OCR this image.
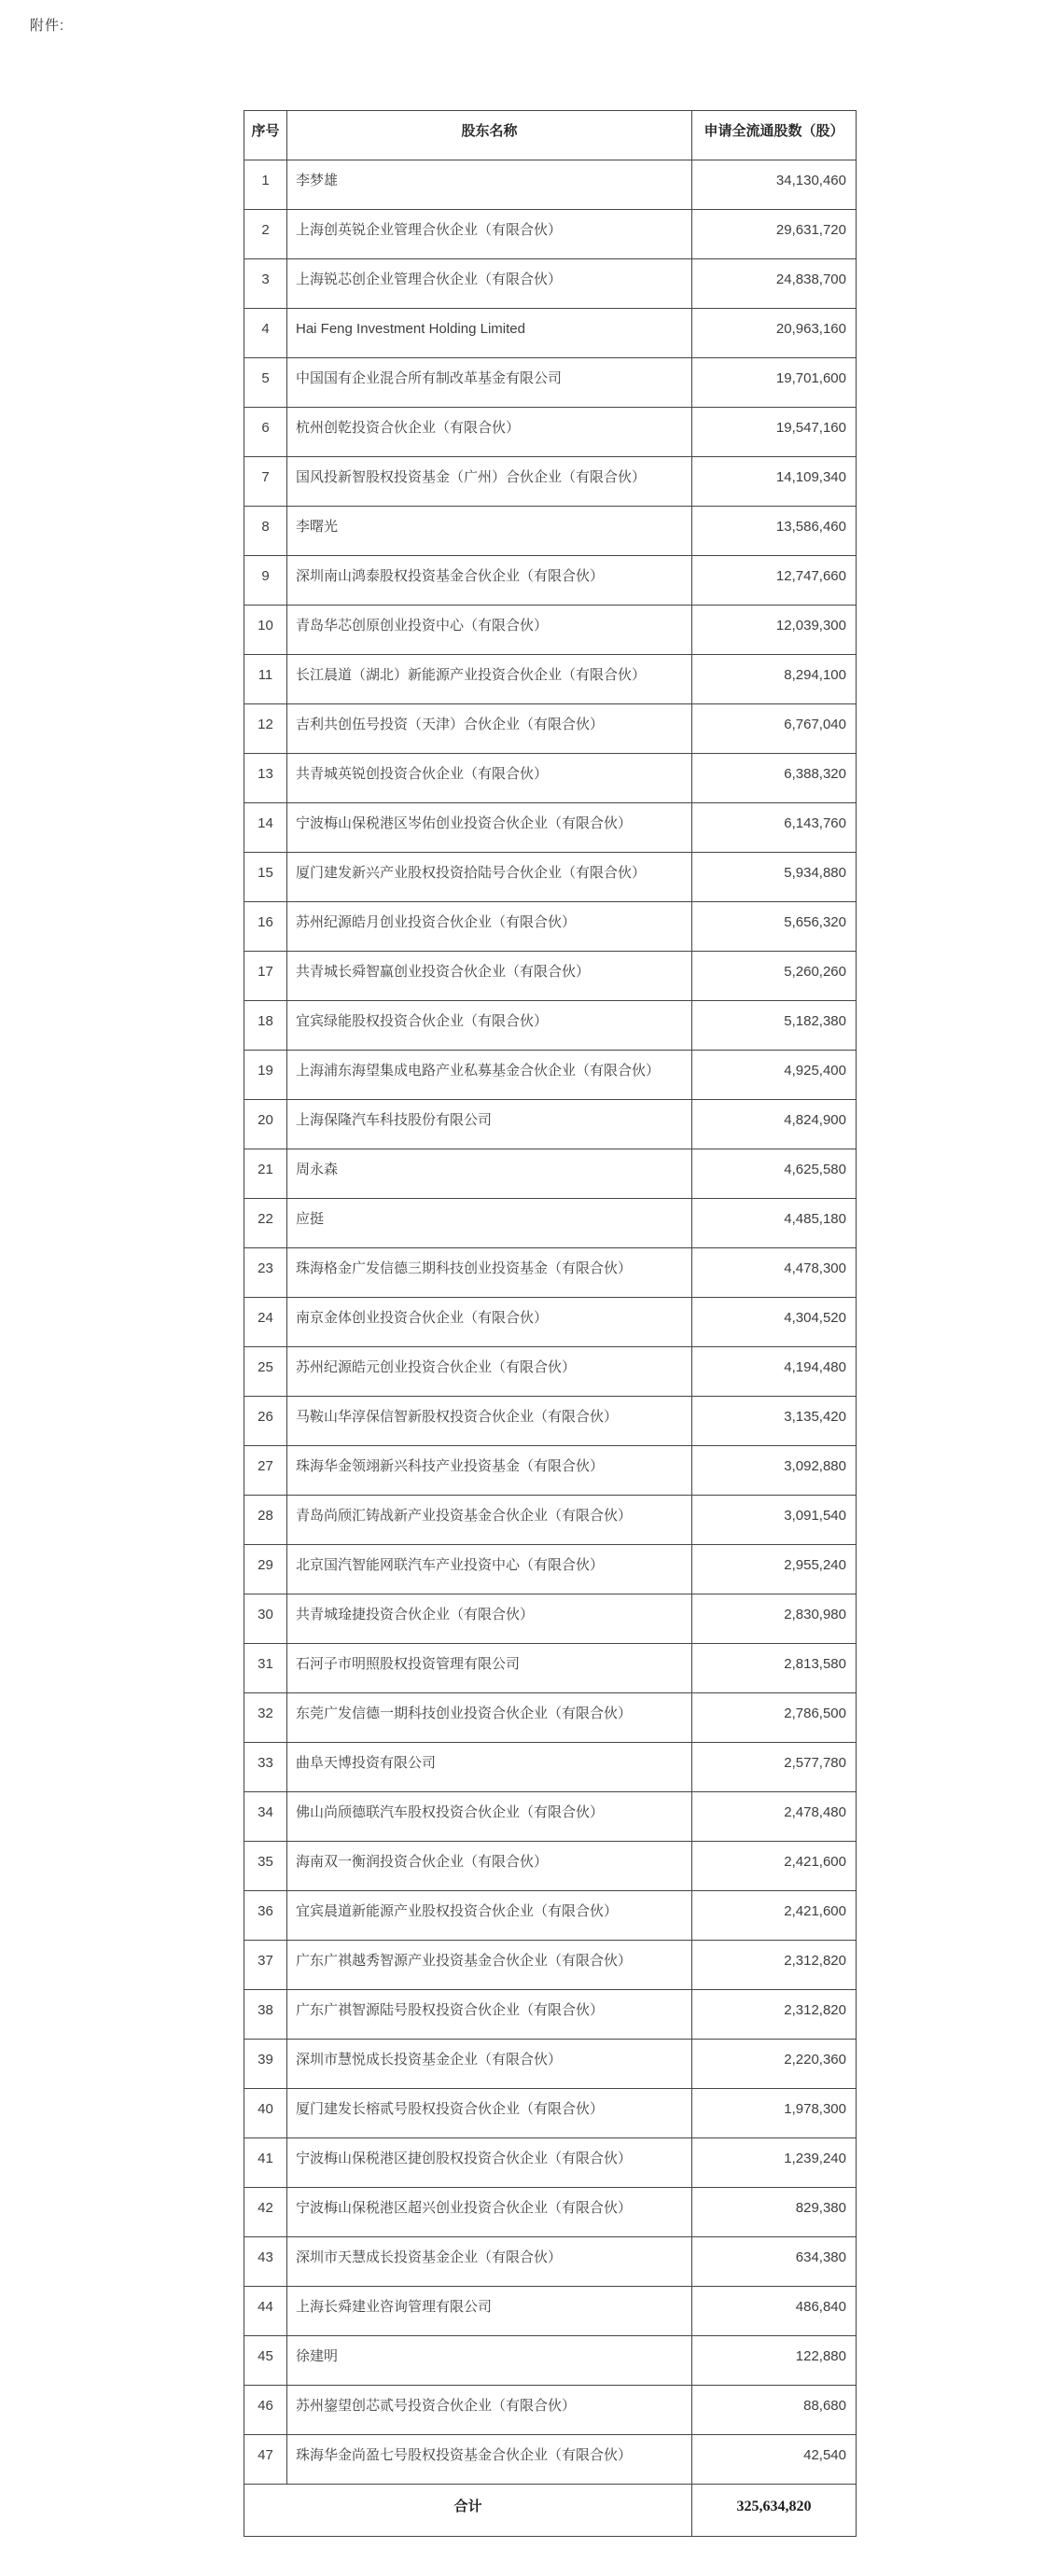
附件:
序号	股东名称	申请全流通股数（股）
1	李梦雄	34,130,460
2	上海创英锐企业管理合伙企业（有限合伙）	29,631,720
3	上海锐芯创企业管理合伙企业（有限合伙）	24,838,700
4	Hai Feng Investment Holding Limited	20,963,160
5	中国国有企业混合所有制改革基金有限公司	19,701,600
6	杭州创乾投资合伙企业（有限合伙）	19,547,160
7	国风投新智股权投资基金（广州）合伙企业（有限合伙）	14,109,340
8	李曙光	13,586,460
9	深圳南山鸿泰股权投资基金合伙企业（有限合伙）	12,747,660
10	青岛华芯创原创业投资中心（有限合伙）	12,039,300
11	长江晨道（湖北）新能源产业投资合伙企业（有限合伙）	8,294,100
12	吉利共创伍号投资（天津）合伙企业（有限合伙）	6,767,040
13	共青城英锐创投资合伙企业（有限合伙）	6,388,320
14	宁波梅山保税港区岑佑创业投资合伙企业（有限合伙）	6,143,760
15	厦门建发新兴产业股权投资拾陆号合伙企业（有限合伙）	5,934,880
16	苏州纪源皓月创业投资合伙企业（有限合伙）	5,656,320
17	共青城长舜智赢创业投资合伙企业（有限合伙）	5,260,260
18	宜宾绿能股权投资合伙企业（有限合伙）	5,182,380
19	上海浦东海望集成电路产业私募基金合伙企业（有限合伙）	4,925,400
20	上海保隆汽车科技股份有限公司	4,824,900
21	周永森	4,625,580
22	应挺	4,485,180
23	珠海格金广发信德三期科技创业投资基金（有限合伙）	4,478,300
24	南京金体创业投资合伙企业（有限合伙）	4,304,520
25	苏州纪源皓元创业投资合伙企业（有限合伙）	4,194,480
26	马鞍山华淳保信智新股权投资合伙企业（有限合伙）	3,135,420
27	珠海华金领翊新兴科技产业投资基金（有限合伙）	3,092,880
28	青岛尚颀汇铸战新产业投资基金合伙企业（有限合伙）	3,091,540
29	北京国汽智能网联汽车产业投资中心（有限合伙）	2,955,240
30	共青城琻捷投资合伙企业（有限合伙）	2,830,980
31	石河子市明照股权投资管理有限公司	2,813,580
32	东莞广发信德一期科技创业投资合伙企业（有限合伙）	2,786,500
33	曲阜天博投资有限公司	2,577,780
34	佛山尚颀德联汽车股权投资合伙企业（有限合伙）	2,478,480
35	海南双一衡润投资合伙企业（有限合伙）	2,421,600
36	宜宾晨道新能源产业股权投资合伙企业（有限合伙）	2,421,600
37	广东广祺越秀智源产业投资基金合伙企业（有限合伙）	2,312,820
38	广东广祺智源陆号股权投资合伙企业（有限合伙）	2,312,820
39	深圳市慧悦成长投资基金企业（有限合伙）	2,220,360
40	厦门建发长榕贰号股权投资合伙企业（有限合伙）	1,978,300
41	宁波梅山保税港区捷创股权投资合伙企业（有限合伙）	1,239,240
42	宁波梅山保税港区超兴创业投资合伙企业（有限合伙）	829,380
43	深圳市天慧成长投资基金企业（有限合伙）	634,380
44	上海长舜建业咨询管理有限公司	486,840
45	徐建明	122,880
46	苏州鋆望创芯贰号投资合伙企业（有限合伙）	88,680
47	珠海华金尚盈七号股权投资基金合伙企业（有限合伙）	42,540
合计		325,634,820
